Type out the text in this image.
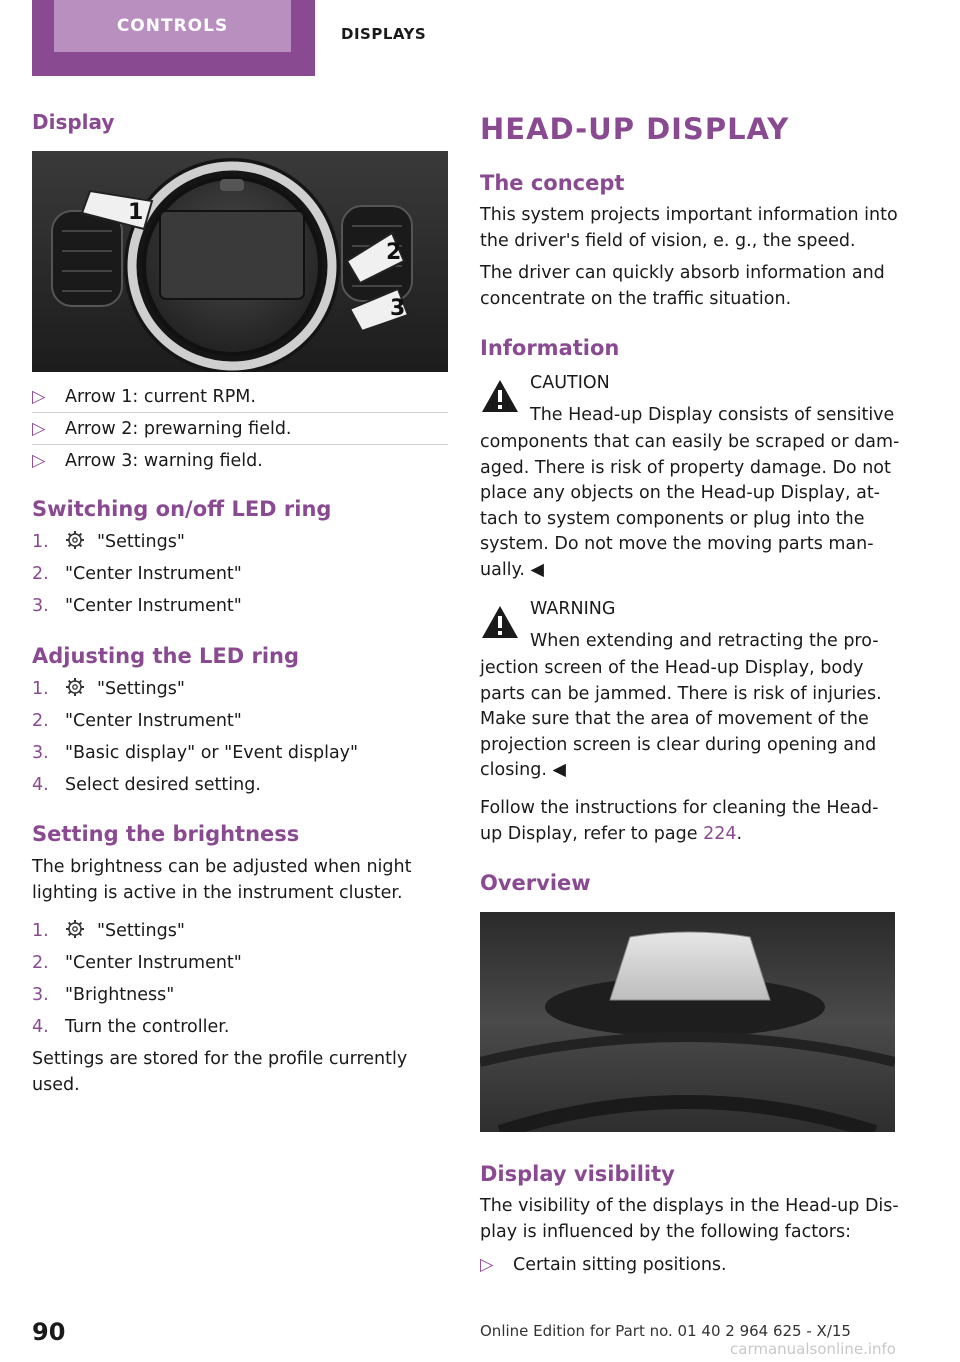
CONTROLS	DISPLAYS
Display
1
2
3
▷ Arrow 1: current RPM.
▷ Arrow 2: prewarning field.
▷ Arrow 3: warning field.
Switching on/off LED ring
1.	"Settings"
2. "Center Instrument"
3. "Center Instrument"
Adjusting the LED ring
1.	"Settings"
2. "Center Instrument"
3. "Basic display" or "Event display"
4. Select desired setting.
Setting the brightness

The brightness can be adjusted when night lighting is active in the instrument cluster.

1.	"Settings"
2. "Center Instrument"
3. "Brightness"
4. Turn the controller.

Settings are stored for the profile currently used.

HEAD-UP DISPLAY
The concept

This system projects important information into the driver's field of vision, e. g., the speed.

The driver can quickly absorb information and concentrate on the traffic situation.

Information
CAUTION
The Head-up Display consists of sensitive

components that can easily be scraped or dam-aged. There is risk of property damage. Do not place any objects on the Head-up Display, at-tach to system components or plug into the system. Do not move the moving parts man-ually. ◀

WARNING
When extending and retracting the pro-

jection screen of the Head-up Display, body parts can be jammed. There is risk of injuries. Make sure that the area of movement of the projection screen is clear during opening and closing. ◀

Follow the instructions for cleaning the Head-up Display, refer to page 224.

Overview
Display visibility

The visibility of the displays in the Head-up Dis-play is influenced by the following factors:

▷ Certain sitting positions.
90	Online Edition for Part no. 01 40 2 964 625 - X/15
carmanualsonline.info
